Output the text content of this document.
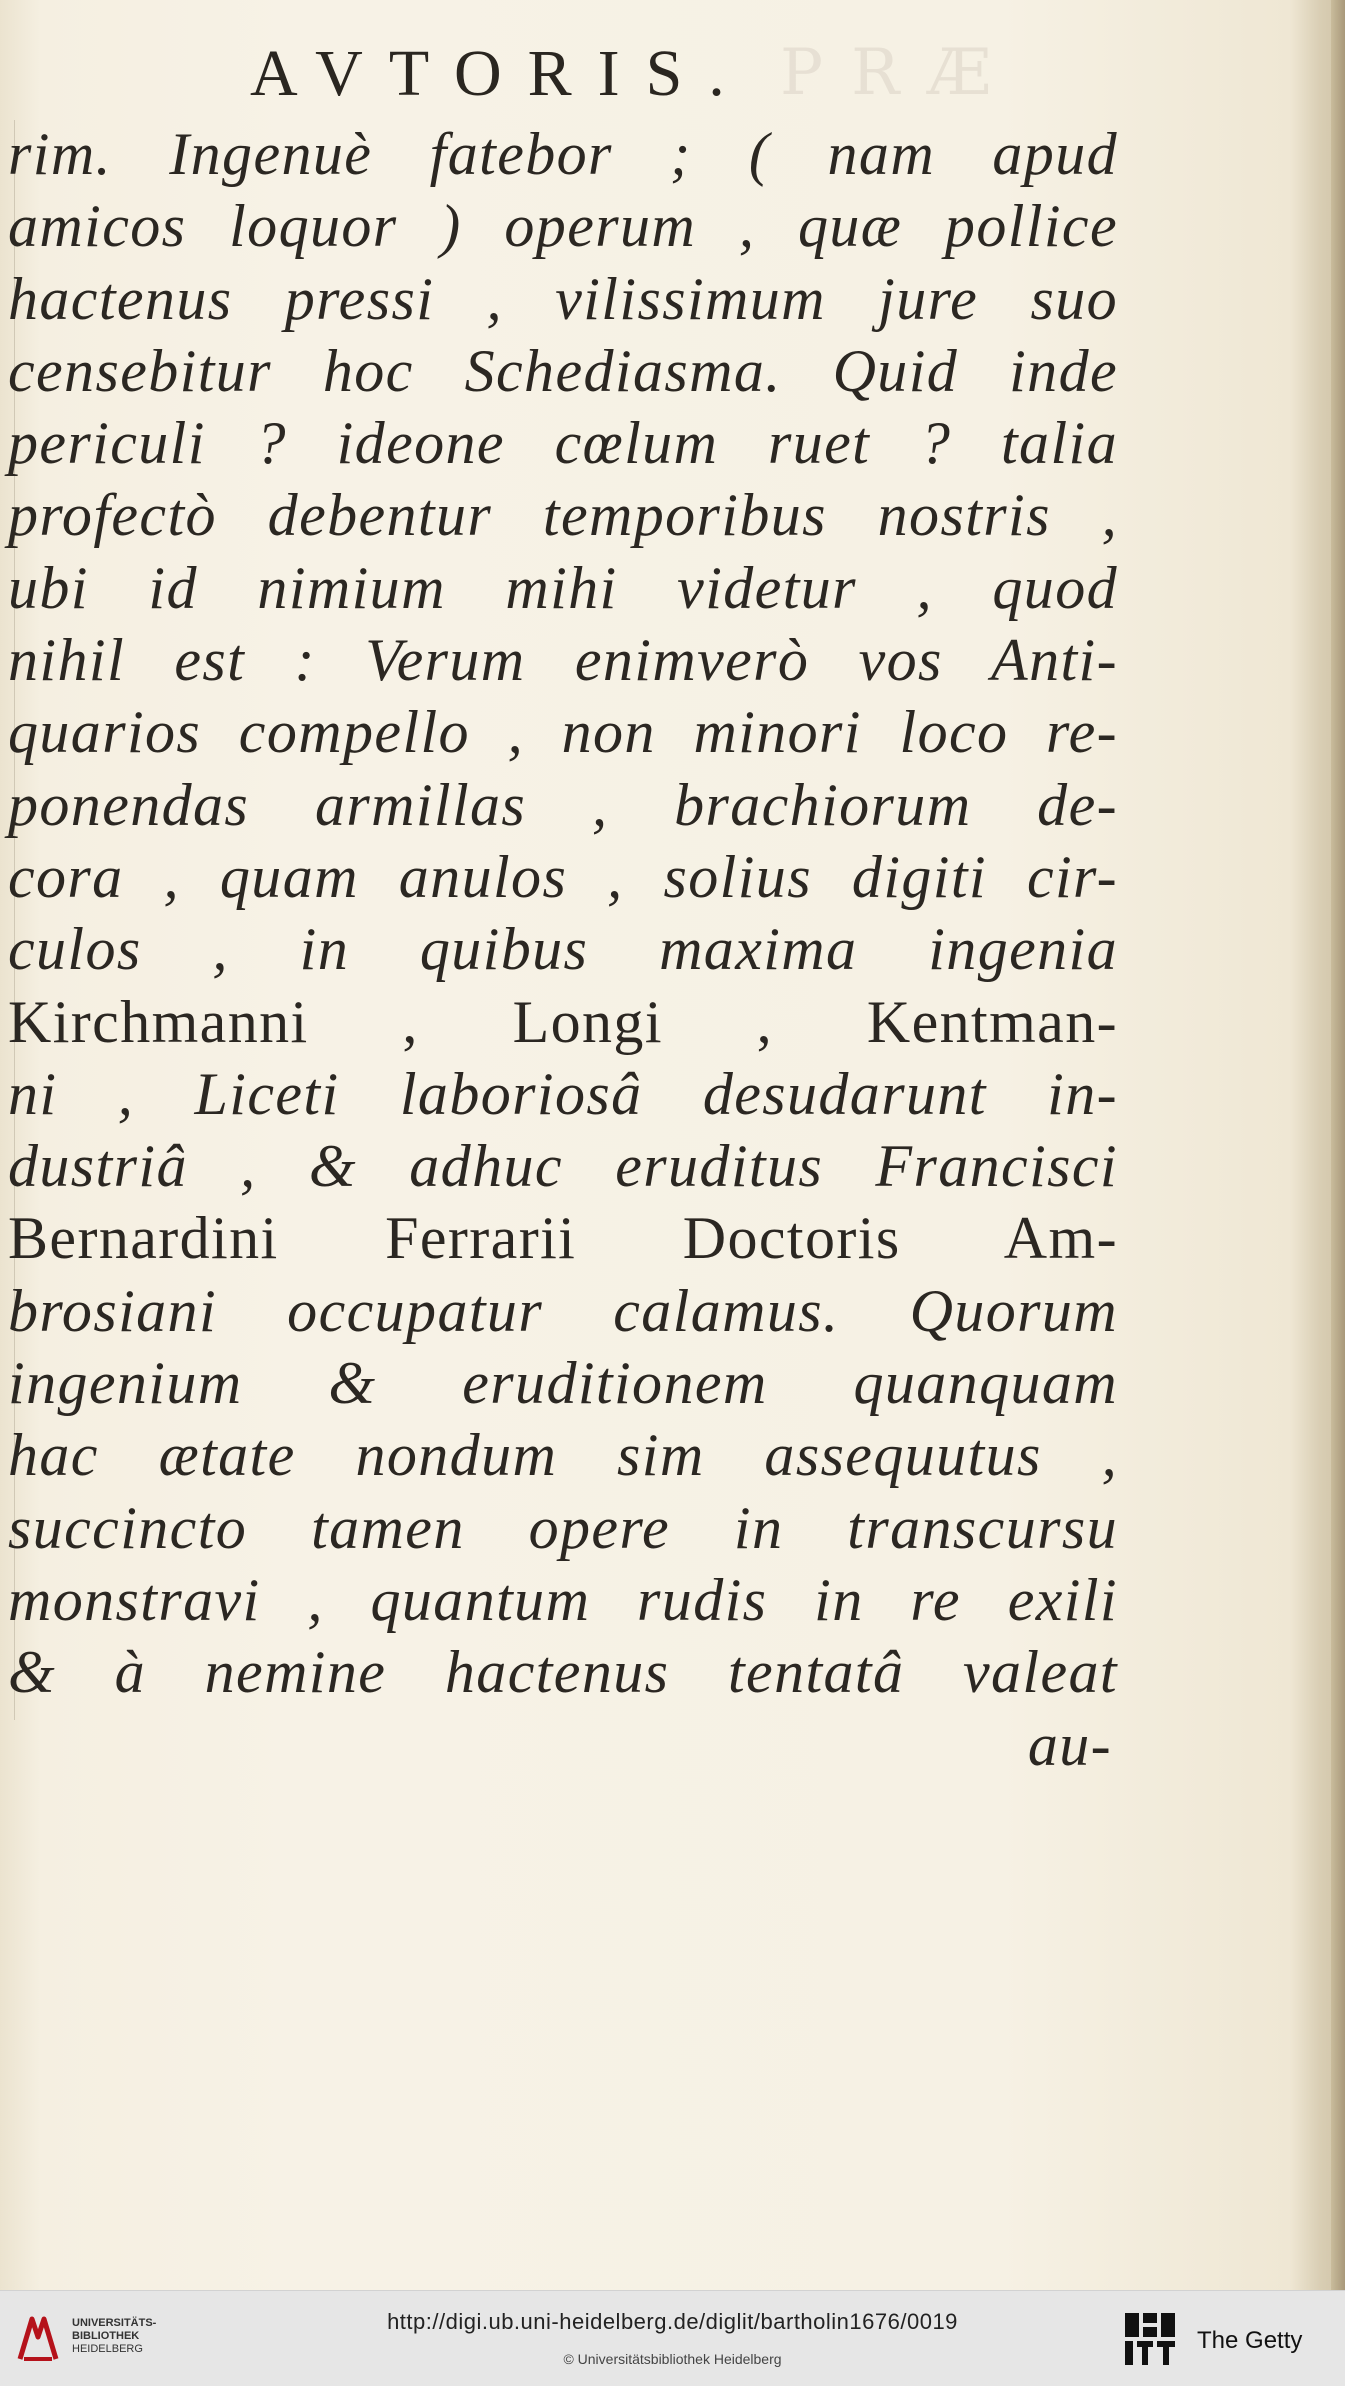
PRÆ
AVTORIS.
rim. Ingenuè fatebor ; ( nam apud
amicos loquor ) operum , quæ pollice
hactenus pressi , vilissimum jure suo
censebitur hoc Schediasma. Quid inde
periculi ? ideone cœlum ruet ? talia
profectò debentur temporibus nostris ,
ubi id nimium mihi videtur , quod
nihil est : Verum enimverò vos Anti-
quarios compello , non minori loco re-
ponendas armillas , brachiorum de-
cora , quam anulos , solius digiti cir-
culos , in quibus maxima ingenia
Kirchmanni , Longi , Kentman-
ni , Liceti laboriosâ desudarunt in-
dustriâ , & adhuc eruditus Francisci
Bernardini Ferrarii Doctoris Am-
brosiani occupatur calamus. Quorum
ingenium & eruditionem quanquam
hac ætate nondum sim assequutus ,
succincto tamen opere in transcursu
monstravi , quantum rudis in re exili
& à nemine hactenus tentatâ valeat
au-
UNIVERSITÄTS-
BIBLIOTHEK
HEIDELBERG
http://digi.ub.uni-heidelberg.de/diglit/bartholin1676/0019
© Universitätsbibliothek Heidelberg
The Getty
